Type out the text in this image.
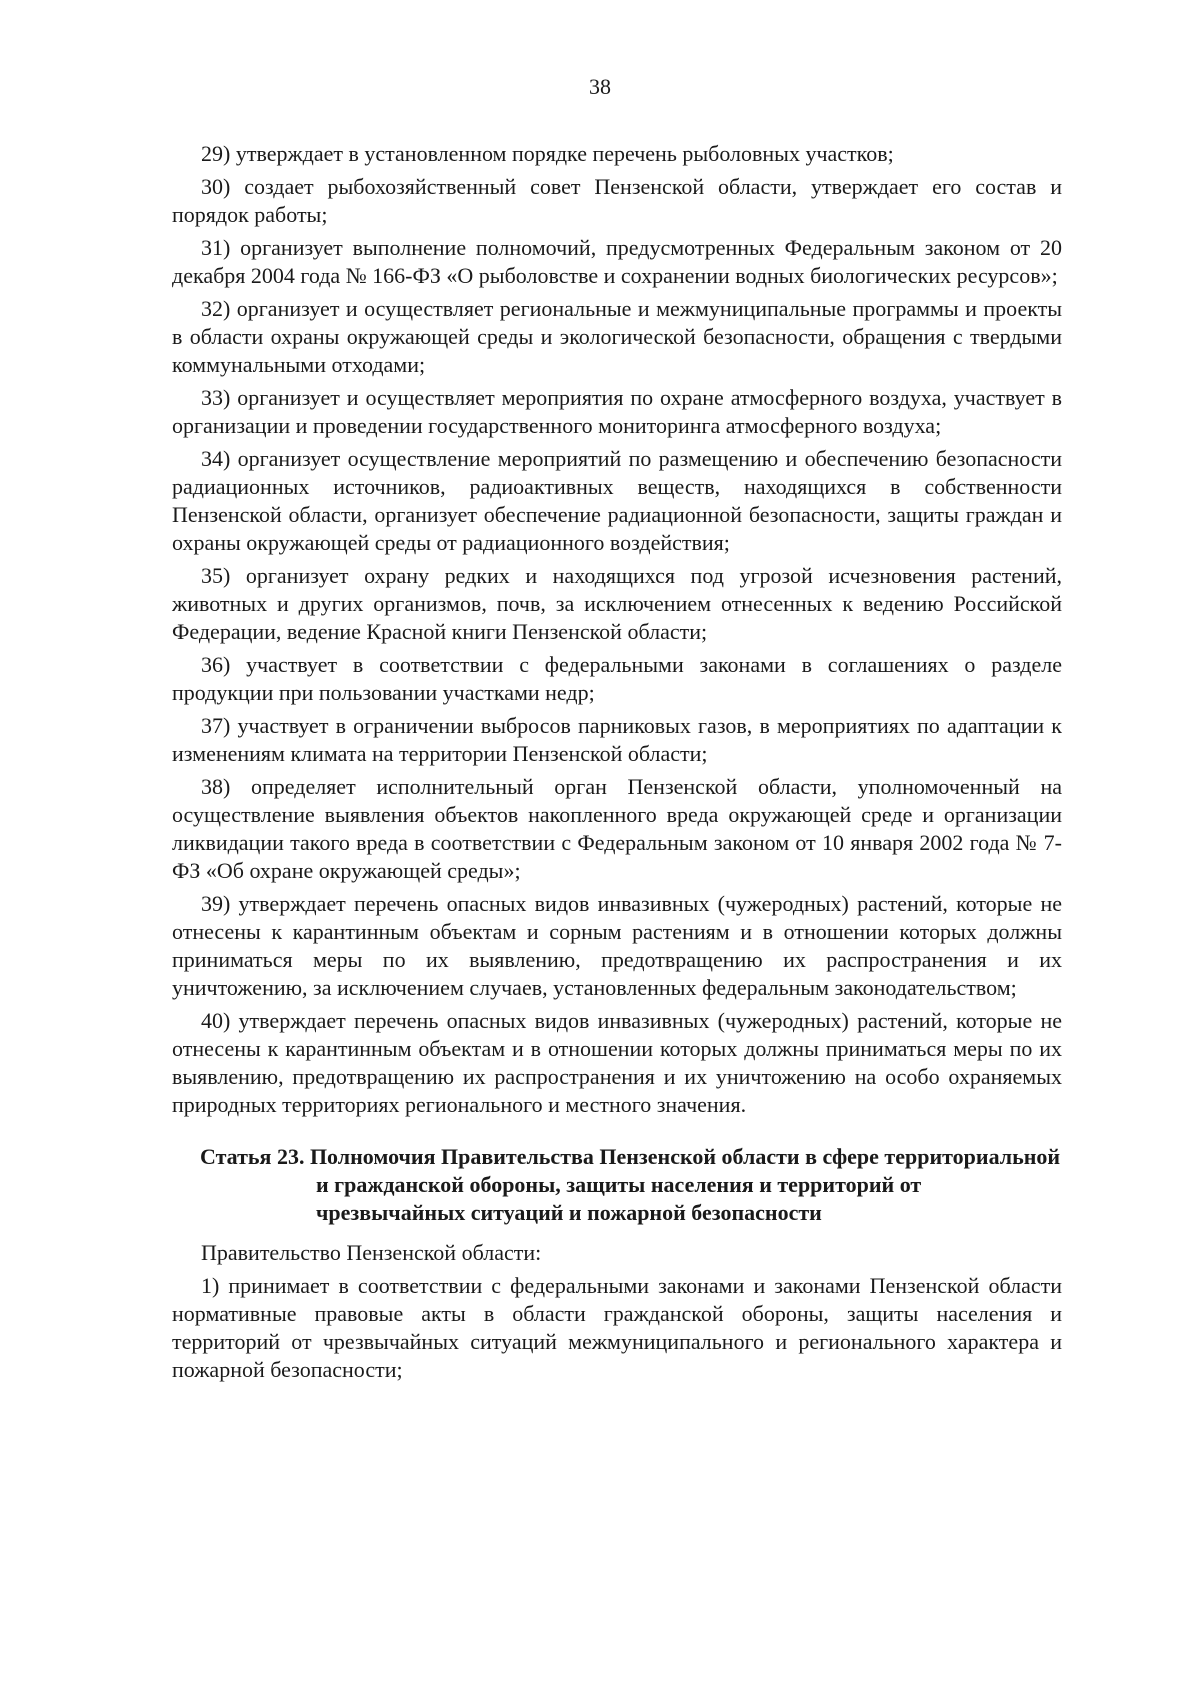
38

29) утверждает в установленном порядке перечень рыболовных участков;

30) создает рыбохозяйственный совет Пензенской области, утверждает его состав и порядок работы;

31) организует выполнение полномочий, предусмотренных Федеральным законом от 20 декабря 2004 года № 166-ФЗ «О рыболовстве и сохранении водных биологических ресурсов»;

32) организует и осуществляет региональные и межмуниципальные программы и проекты в области охраны окружающей среды и экологической безопасности, обращения с твердыми коммунальными отходами;

33) организует и осуществляет мероприятия по охране атмосферного воздуха, участвует в организации и проведении государственного мониторинга атмосферного воздуха;

34) организует осуществление мероприятий по размещению и обеспечению безопасности радиационных источников, радиоактивных веществ, находящихся в собственности Пензенской области, организует обеспечение радиационной безопасности, защиты граждан и охраны окружающей среды от радиационного воздействия;

35) организует охрану редких и находящихся под угрозой исчезновения растений, животных и других организмов, почв, за исключением отнесенных к ведению Российской Федерации, ведение Красной книги Пензенской области;

36) участвует в соответствии с федеральными законами в соглашениях о разделе продукции при пользовании участками недр;

37) участвует в ограничении выбросов парниковых газов, в мероприятиях по адаптации к изменениям климата на территории Пензенской области;

38) определяет исполнительный орган Пензенской области, уполномоченный на осуществление выявления объектов накопленного вреда окружающей среде и организации ликвидации такого вреда в соответствии с Федеральным законом от 10 января 2002 года № 7-ФЗ «Об охране окружающей среды»;

39) утверждает перечень опасных видов инвазивных (чужеродных) растений, которые не отнесены к карантинным объектам и сорным растениям и в отношении которых должны приниматься меры по их выявлению, предотвращению их распространения и их уничтожению, за исключением случаев, установленных федеральным законодательством;

40) утверждает перечень опасных видов инвазивных (чужеродных) растений, которые не отнесены к карантинным объектам и в отношении которых должны приниматься меры по их выявлению, предотвращению их распространения и их уничтожению на особо охраняемых природных территориях регионального и местного значения.

Статья 23. Полномочия Правительства Пензенской области в сфере территориальной и гражданской обороны, защиты населения и территорий от чрезвычайных ситуаций и пожарной безопасности

Правительство Пензенской области:

1) принимает в соответствии с федеральными законами и законами Пензенской области нормативные правовые акты в области гражданской обороны, защиты населения и территорий от чрезвычайных ситуаций межмуниципального и регионального характера и пожарной безопасности;
